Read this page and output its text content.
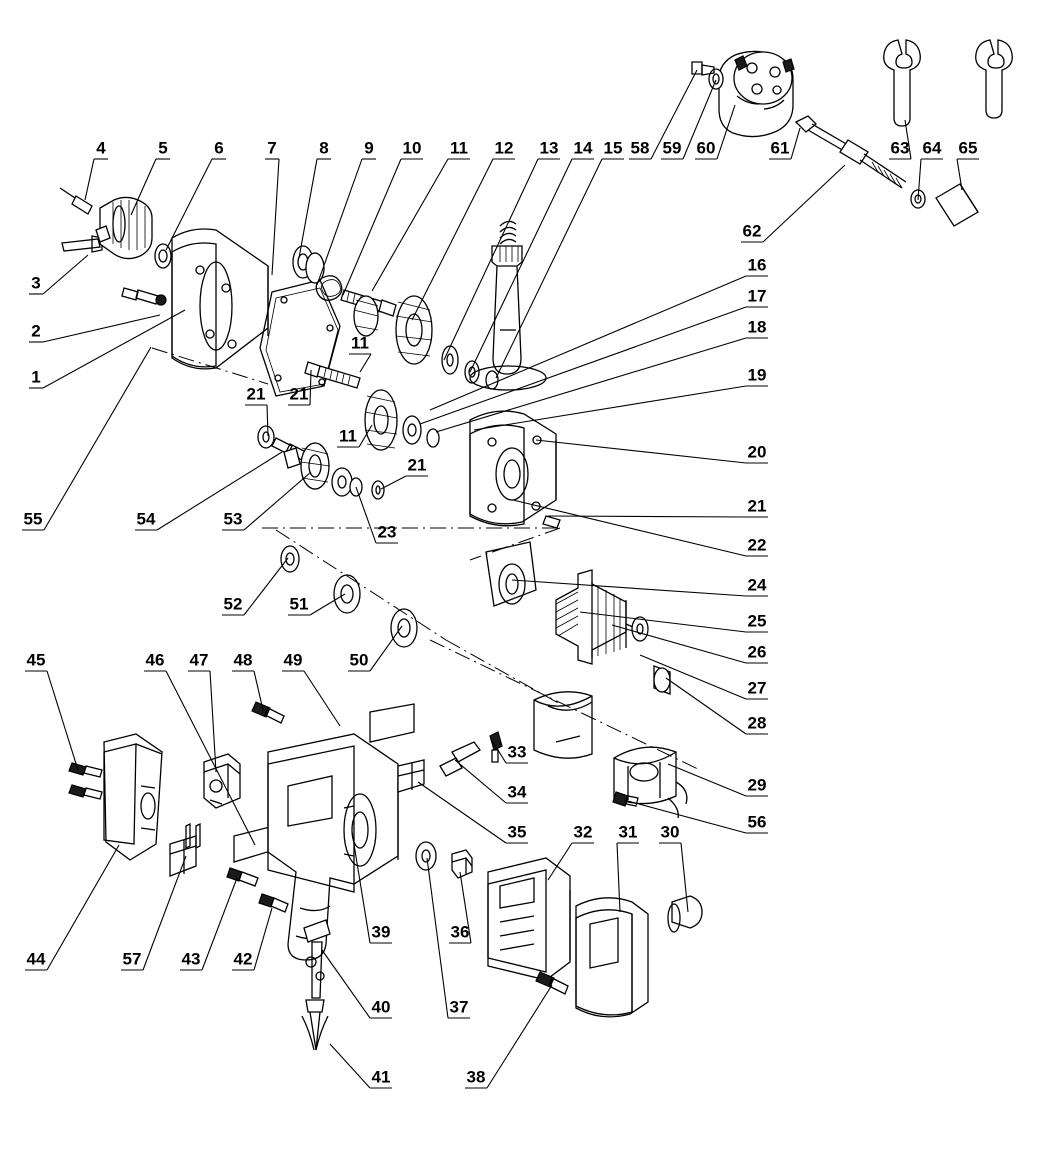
1
2
3
4	5	6	7	8 9 10 11 12 13 14 15
16
17
18
19
20
21
22
24
25
26
27
28
29
21 21
11
11
21
23
53
54
55
52	51
50
49
48
47
46
45
44	57 43 42
39
40
41
36
37
38
35
34
33
32 31 30
56
58 59 60	61
62
63 64 65
